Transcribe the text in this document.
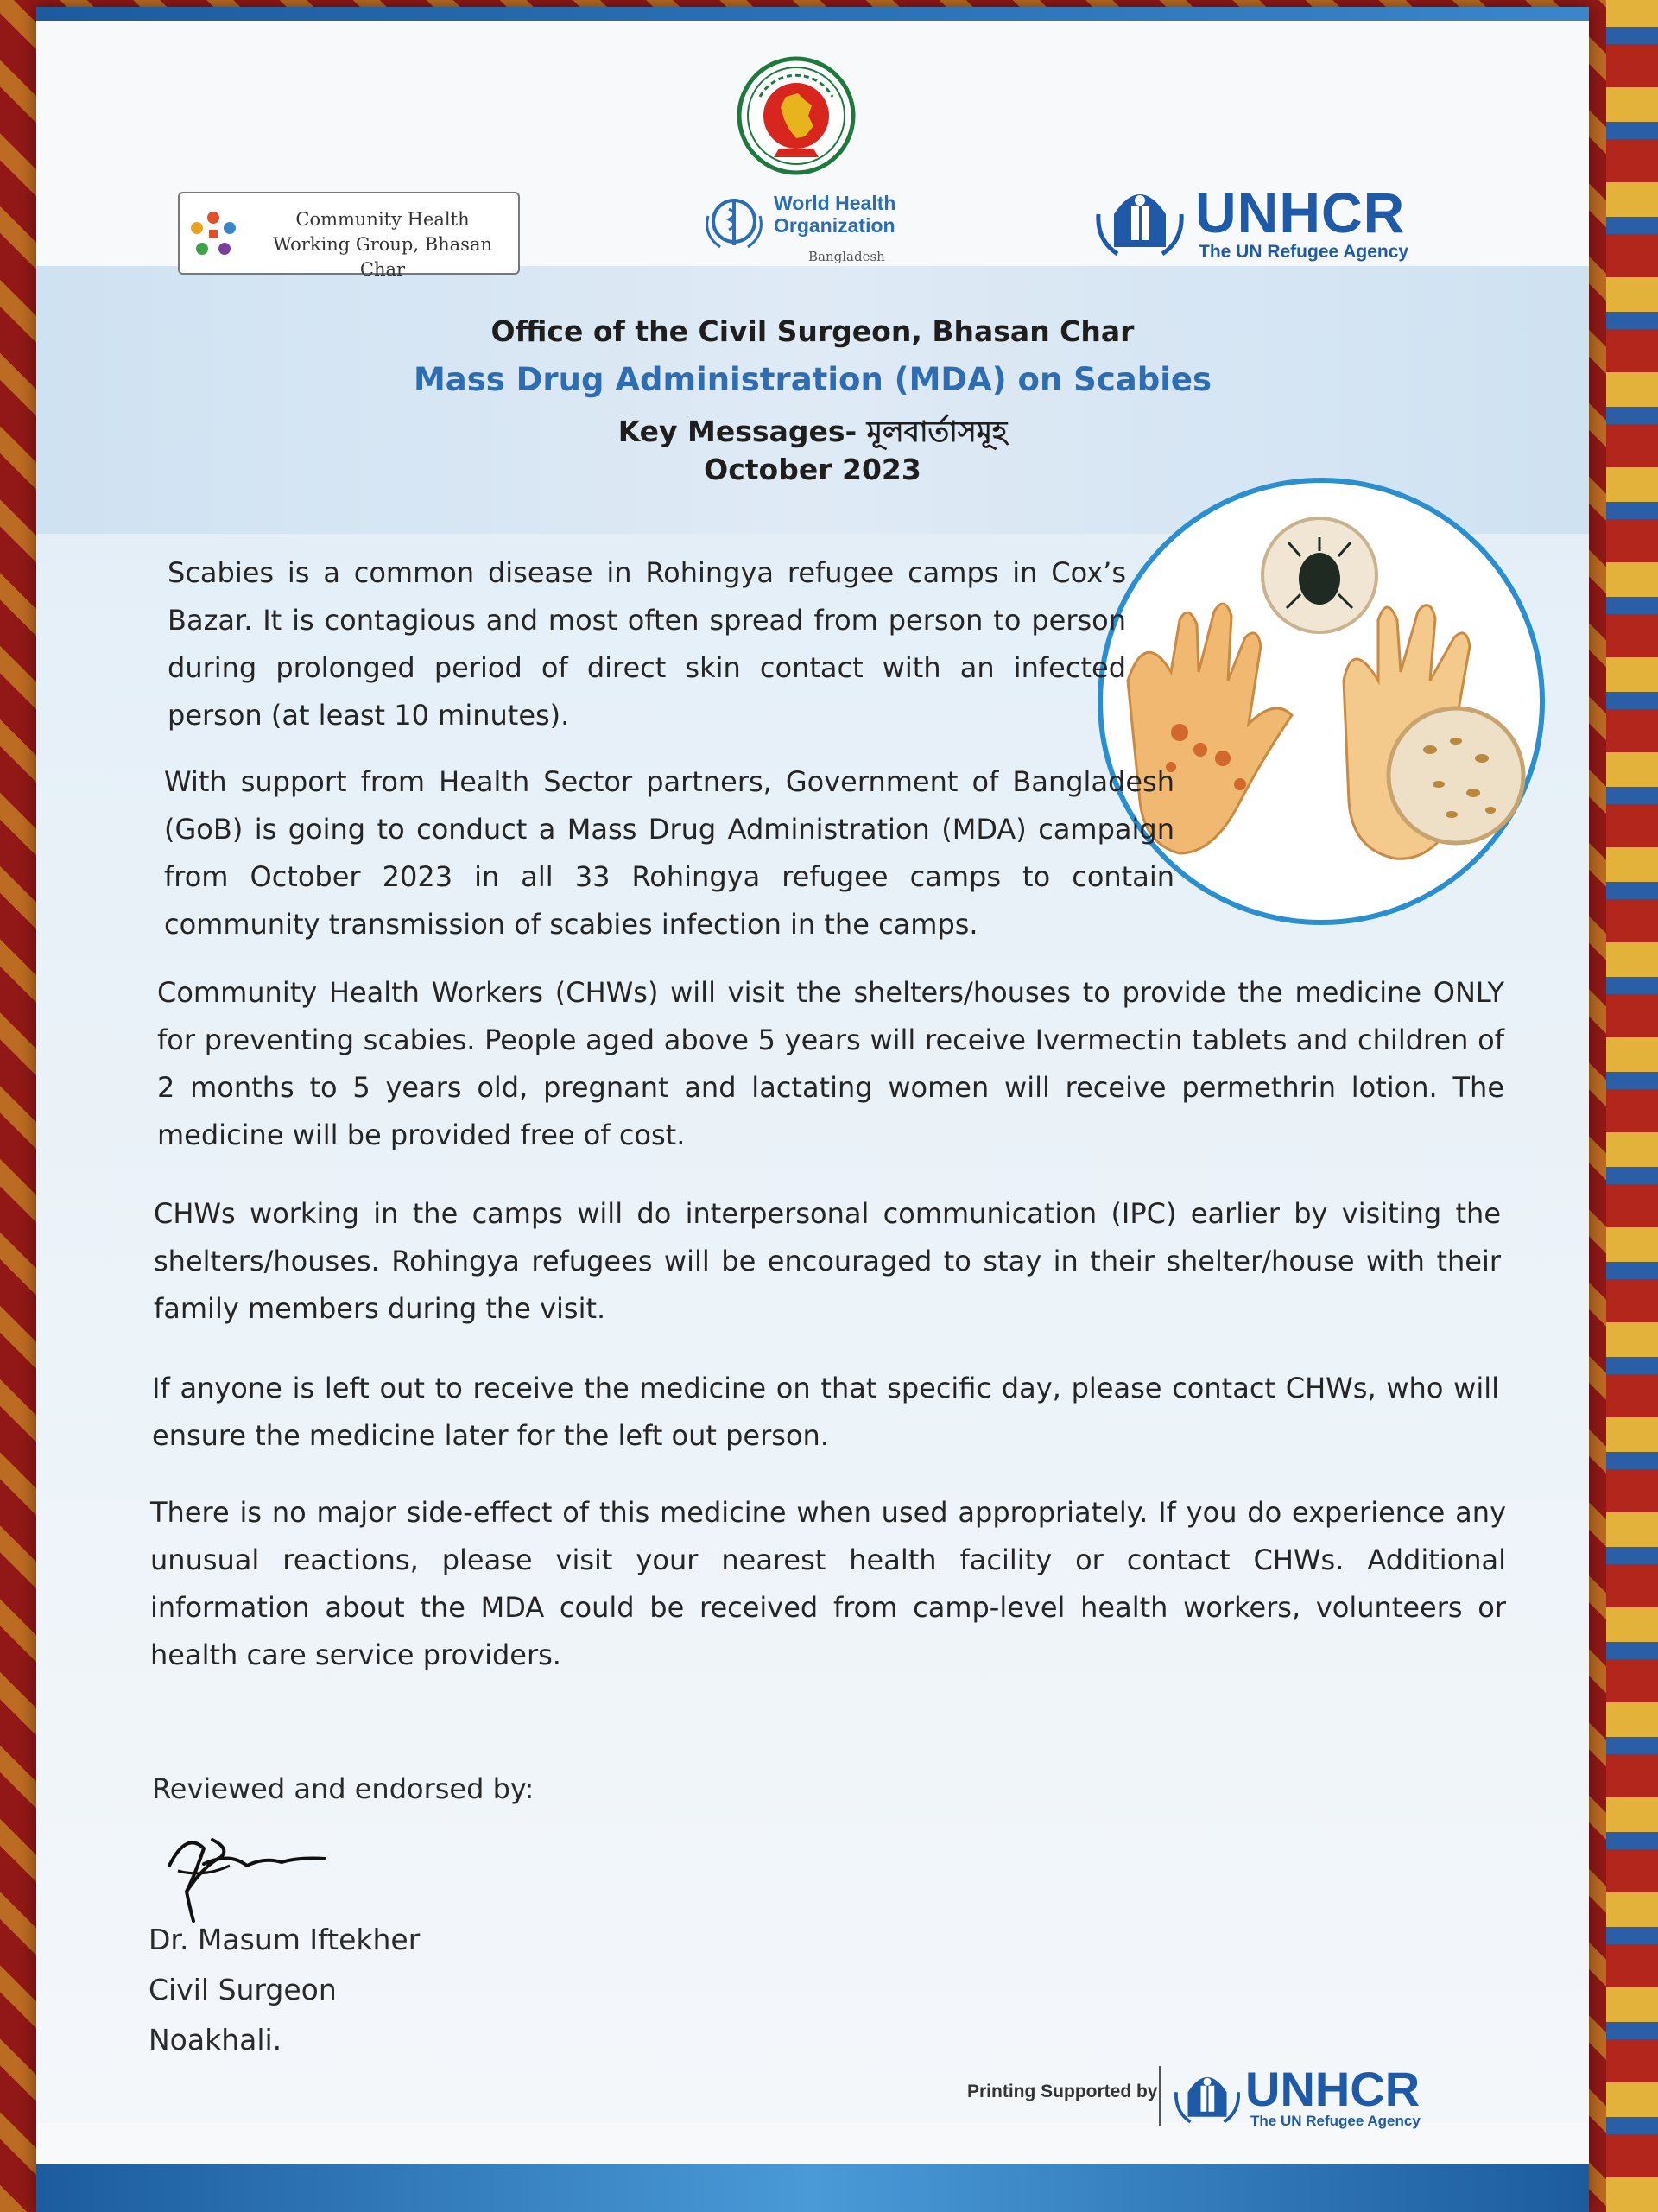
Community Health
Working Group, Bhasan Char
World Health
Organization
Bangladesh
UNHCR
The UN Refugee Agency
Office of the Civil Surgeon, Bhasan Char
Mass Drug Administration (MDA) on Scabies
Key Messages- মূলবার্তাসমূহ
October 2023
Scabies is a common disease in Rohingya refugee camps in Cox’s Bazar. It is contagious and most often spread from person to person during prolonged period of direct skin contact with an infected person (at least 10 minutes).
With support from Health Sector partners, Government of Bangladesh (GoB) is going to conduct a Mass Drug Administration (MDA) campaign from October 2023 in all 33 Rohingya refugee camps to contain community transmission of scabies infection in the camps.
Community Health Workers (CHWs) will visit the shelters/houses to provide the medicine ONLY for preventing scabies. People aged above 5 years will receive Ivermectin tablets and children of 2 months to 5 years old, pregnant and lactating women will receive permethrin lotion. The medicine will be provided free of cost.
CHWs working in the camps will do interpersonal communication (IPC) earlier by visiting the shelters/houses. Rohingya refugees will be encouraged to stay in their shelter/house with their family members during the visit.
If anyone is left out to receive the medicine on that specific day, please contact CHWs, who will ensure the medicine later for the left out person.
There is no major side-effect of this medicine when used appropriately. If you do experience any unusual reactions, please visit your nearest health facility or contact CHWs. Additional information about the MDA could be received from camp-level health workers, volunteers or health care service providers.
Reviewed and endorsed by:
Dr. Masum Iftekher
Civil Surgeon
Noakhali.
Printing Supported by UNHCR
The UN Refugee Agency
